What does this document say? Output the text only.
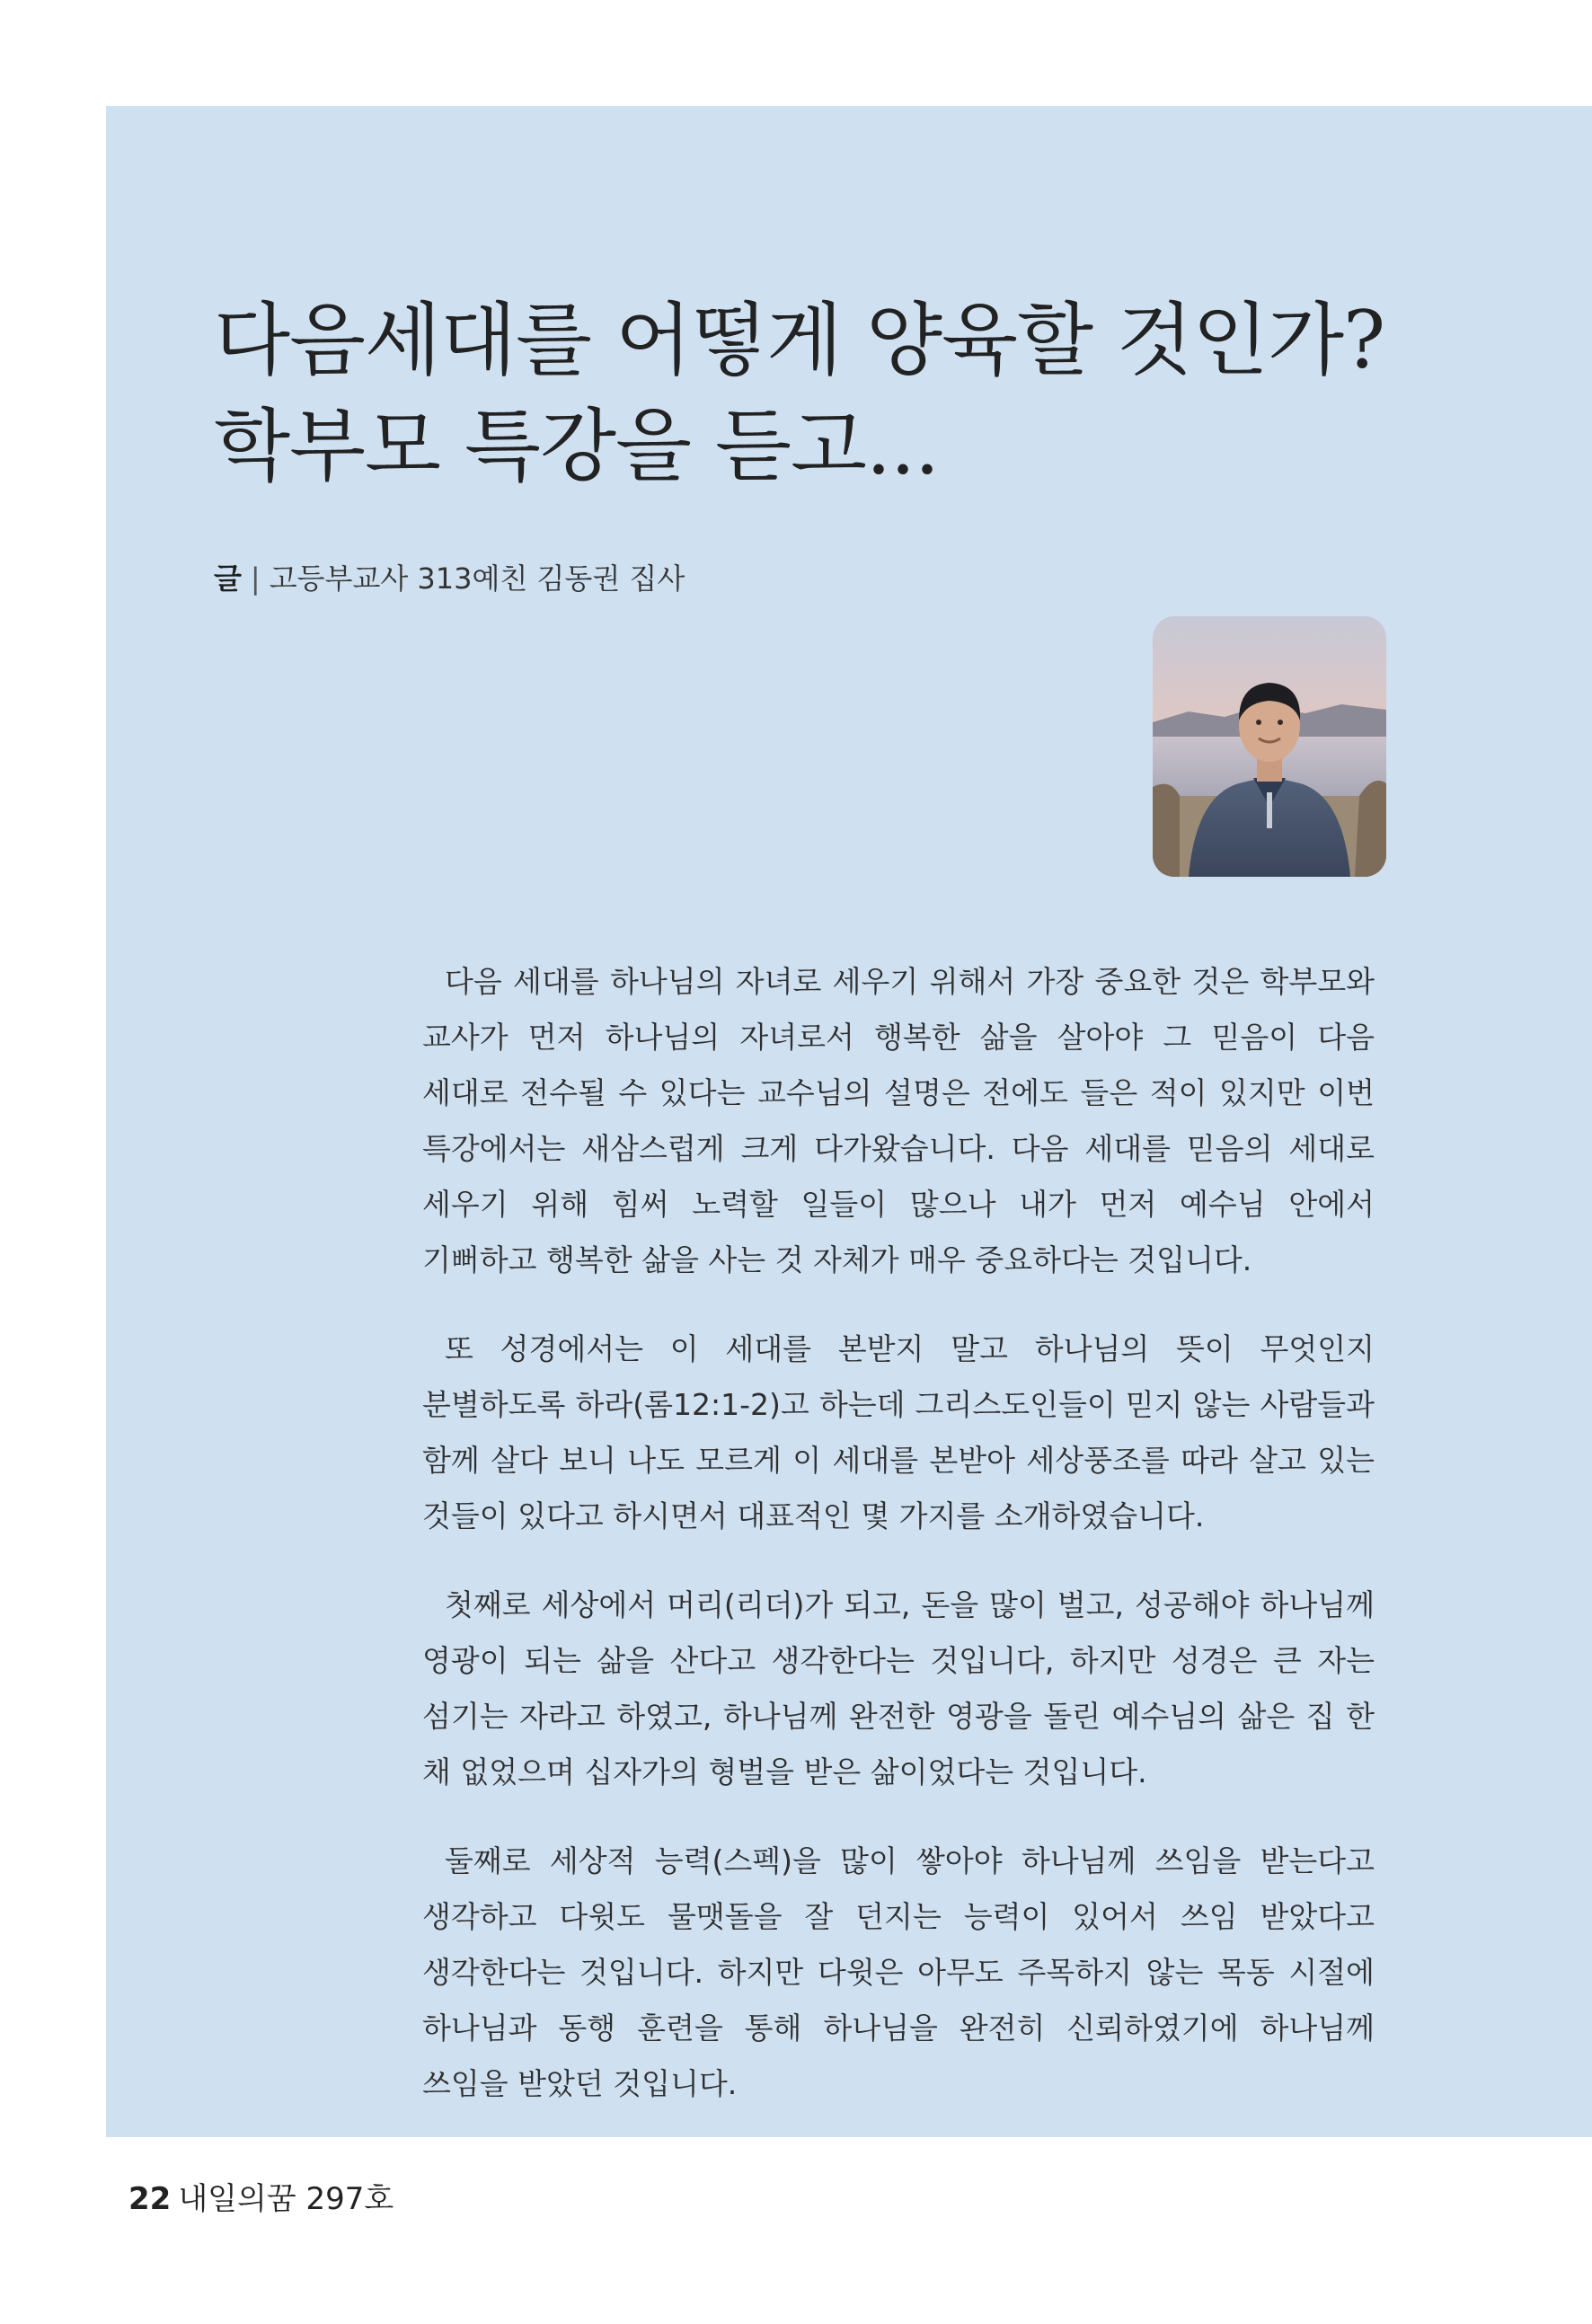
다음세대를 어떻게 양육할 것인가?
학부모 특강을 듣고...
글 | 고등부교사 313예친 김동권 집사

다음 세대를 하나님의 자녀로 세우기 위해서 가장 중요한 것은 학부모와 교사가 먼저 하나님의 자녀로서 행복한 삶을 살아야 그 믿음이 다음 세대로 전수될 수 있다는 교수님의 설명은 전에도 들은 적이 있지만 이번 특강에서는 새삼스럽게 크게 다가왔습니다. 다음 세대를 믿음의 세대로 세우기 위해 힘써 노력할 일들이 많으나 내가 먼저 예수님 안에서 기뻐하고 행복한 삶을 사는 것 자체가 매우 중요하다는 것입니다.

또 성경에서는 이 세대를 본받지 말고 하나님의 뜻이 무엇인지 분별하도록 하라(롬12:1-2)고 하는데 그리스도인들이 믿지 않는 사람들과 함께 살다 보니 나도 모르게 이 세대를 본받아 세상풍조를 따라 살고 있는 것들이 있다고 하시면서 대표적인 몇 가지를 소개하였습니다.

첫째로 세상에서 머리(리더)가 되고, 돈을 많이 벌고, 성공해야 하나님께 영광이 되는 삶을 산다고 생각한다는 것입니다, 하지만 성경은 큰 자는 섬기는 자라고 하였고, 하나님께 완전한 영광을 돌린 예수님의 삶은 집 한 채 없었으며 십자가의 형벌을 받은 삶이었다는 것입니다.

둘째로 세상적 능력(스펙)을 많이 쌓아야 하나님께 쓰임을 받는다고 생각하고 다윗도 물맷돌을 잘 던지는 능력이 있어서 쓰임 받았다고 생각한다는 것입니다. 하지만 다윗은 아무도 주목하지 않는 목동 시절에 하나님과 동행 훈련을 통해 하나님을 완전히 신뢰하였기에 하나님께 쓰임을 받았던 것입니다.

22 내일의꿈 297호
